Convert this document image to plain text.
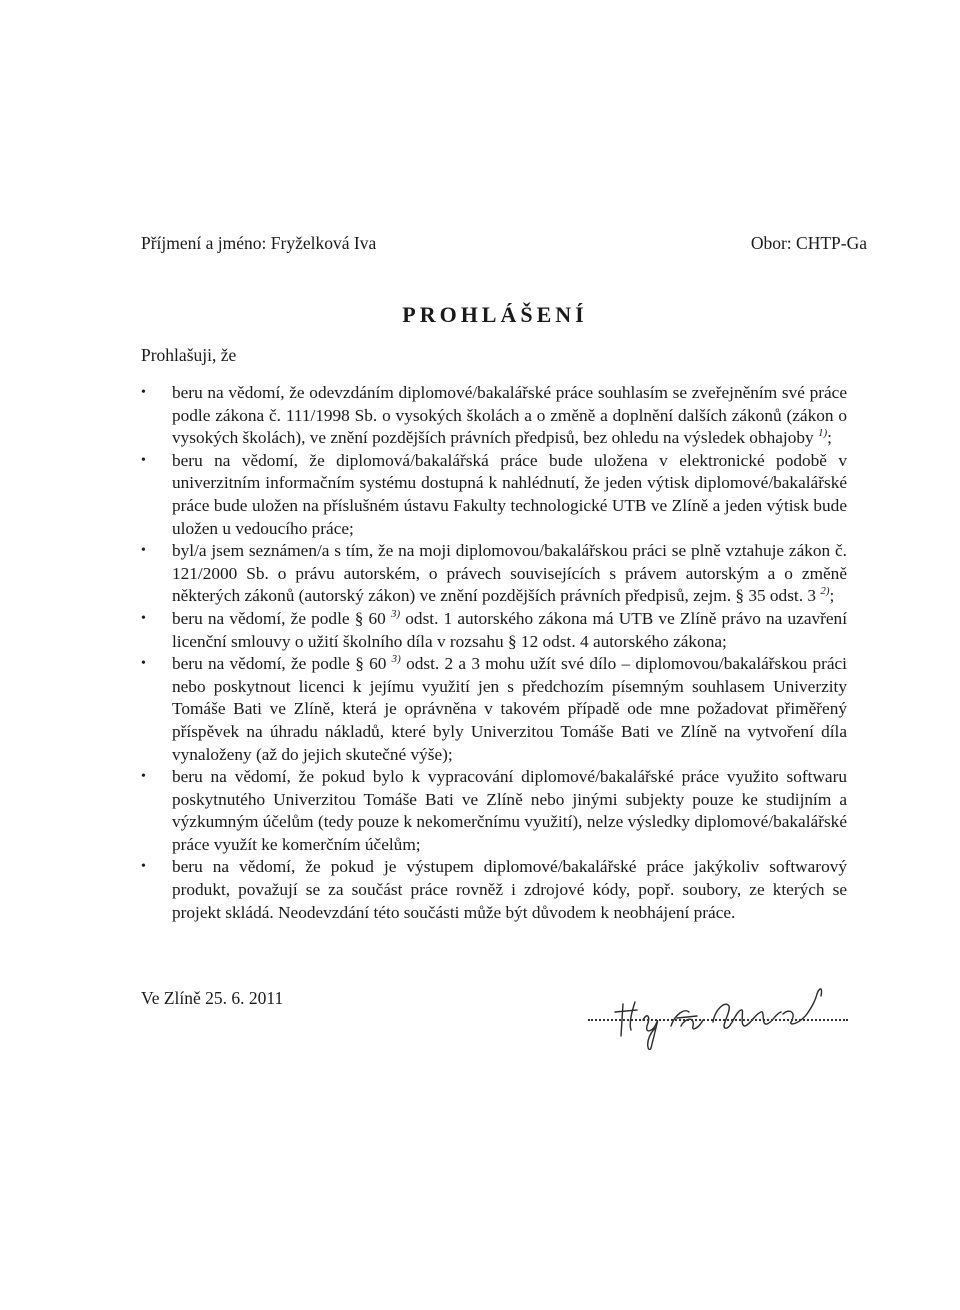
Příjmení a jméno: Fryželková Iva	Obor: CHTP-Ga
PROHLÁŠENÍ
Prohlašuji, že
• beru na vědomí, že odevzdáním diplomové/bakalářské práce souhlasím se zveřejněním své práce podle zákona č. 111/1998 Sb. o vysokých školách a o změně a doplnění dalších zákonů (zákon o vysokých školách), ve znění pozdějších právních předpisů, bez ohledu na výsledek obhajoby $^{1)}$;
• beru na vědomí, že diplomová/bakalářská práce bude uložena v elektronické podobě v univerzitním informačním systému dostupná k nahlédnutí, že jeden výtisk diplomové/bakalářské práce bude uložen na příslušném ústavu Fakulty technologické UTB ve Zlíně a jeden výtisk bude uložen u vedoucího práce;
• byl/a jsem seznámen/a s tím, že na moji diplomovou/bakalářskou práci se plně vztahuje zákon č. 121/2000 Sb. o právu autorském, o právech souvisejících s právem autorským a o změně některých zákonů (autorský zákon) ve znění pozdějších právních předpisů, zejm. § 35 odst. 3 $^{2)}$;
• beru na vědomí, že podle § 60 $^{3)}$ odst. 1 autorského zákona má UTB ve Zlíně právo na uzavření licenční smlouvy o užití školního díla v rozsahu § 12 odst. 4 autorského zákona;
• beru na vědomí, že podle § 60 $^{3)}$ odst. 2 a 3 mohu užít své dílo – diplomovou/bakalářskou práci nebo poskytnout licenci k jejímu využití jen s předchozím písemným souhlasem Univerzity Tomáše Bati ve Zlíně, která je oprávněna v takovém případě ode mne požadovat přiměřený příspěvek na úhradu nákladů, které byly Univerzitou Tomáše Bati ve Zlíně na vytvoření díla vynaloženy (až do jejich skutečné výše);
• beru na vědomí, že pokud bylo k vypracování diplomové/bakalářské práce využito softwaru poskytnutého Univerzitou Tomáše Bati ve Zlíně nebo jinými subjekty pouze ke studijním a výzkumným účelům (tedy pouze k nekomerčnímu využití), nelze výsledky diplomové/bakalářské práce využít ke komerčním účelům;
• beru na vědomí, že pokud je výstupem diplomové/bakalářské práce jakýkoliv softwarový produkt, považují se za součást práce rovněž i zdrojové kódy, popř. soubory, ze kterých se projekt skládá. Neodevzdání této součásti může být důvodem k neobhájení práce.
Ve Zlíně 25. 6. 2011
